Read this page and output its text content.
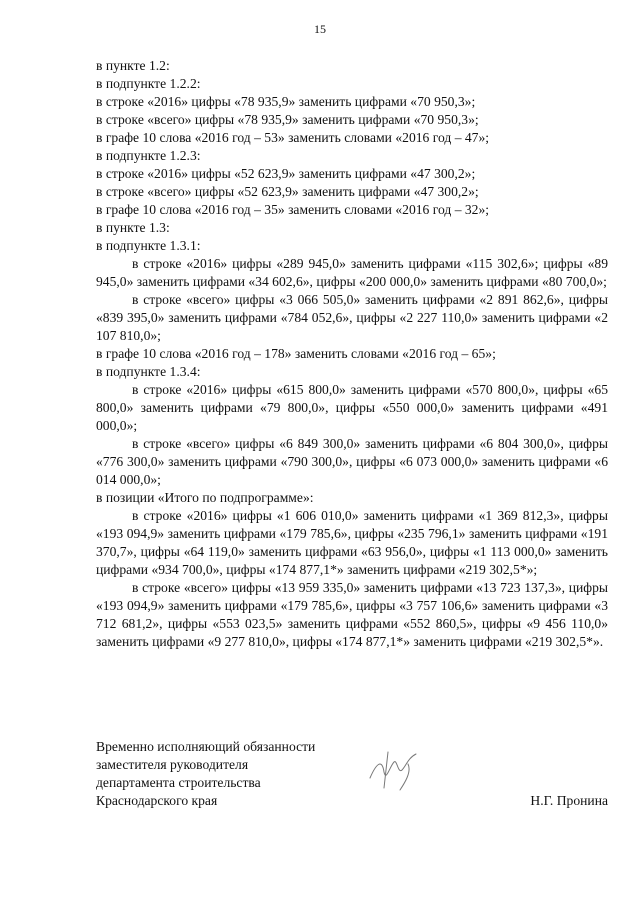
15

в пункте 1.2:

в подпункте 1.2.2:

в строке «2016» цифры «78 935,9» заменить цифрами «70 950,3»;

в строке «всего» цифры «78 935,9» заменить цифрами «70 950,3»;

в графе 10 слова «2016 год – 53» заменить словами «2016 год – 47»;

в подпункте 1.2.3:

в строке «2016» цифры «52 623,9» заменить цифрами «47 300,2»;

в строке «всего» цифры «52 623,9» заменить цифрами «47 300,2»;

в графе 10 слова «2016 год – 35» заменить словами «2016 год – 32»;

в пункте 1.3:

в подпункте 1.3.1:

в строке «2016» цифры «289 945,0» заменить цифрами «115 302,6»; цифры «89 945,0» заменить цифрами «34 602,6», цифры «200 000,0» заменить цифрами «80 700,0»;

в строке «всего» цифры «3 066 505,0» заменить цифрами «2 891 862,6», цифры «839 395,0» заменить цифрами «784 052,6», цифры «2 227 110,0» заменить цифрами «2 107 810,0»;

в графе 10 слова «2016 год – 178» заменить словами «2016 год – 65»;

в подпункте 1.3.4:

в строке «2016» цифры «615 800,0» заменить цифрами «570 800,0», цифры «65 800,0» заменить цифрами «79 800,0», цифры «550 000,0» заменить цифрами «491 000,0»;

в строке «всего» цифры «6 849 300,0» заменить цифрами «6 804 300,0», цифры «776 300,0» заменить цифрами «790 300,0», цифры «6 073 000,0» заменить цифрами «6 014 000,0»;

в позиции «Итого по подпрограмме»:

в строке «2016» цифры «1 606 010,0» заменить цифрами «1 369 812,3», цифры «193 094,9» заменить цифрами «179 785,6», цифры «235 796,1» заменить цифрами «191 370,7», цифры «64 119,0» заменить цифрами «63 956,0», цифры «1 113 000,0» заменить цифрами «934 700,0», цифры «174 877,1*» заменить цифрами «219 302,5*»;

в строке «всего» цифры «13 959 335,0» заменить цифрами «13 723 137,3», цифры «193 094,9» заменить цифрами «179 785,6», цифры «3 757 106,6» заменить цифрами «3 712 681,2», цифры «553 023,5» заменить цифрами «552 860,5», цифры «9 456 110,0» заменить цифрами «9 277 810,0», цифры «174 877,1*» заменить цифрами «219 302,5*».

Временно исполняющий обязанности
заместителя руководителя
департамента строительства
Краснодарского края	Н.Г. Пронина
